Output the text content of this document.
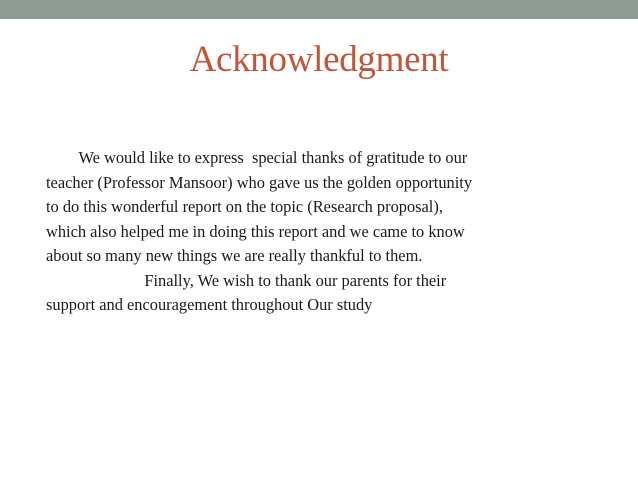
Acknowledgment
We would like to express  special thanks of gratitude to our
teacher (Professor Mansoor) who gave us the golden opportunity
to do this wonderful report on the topic (Research proposal),
which also helped me in doing this report and we came to know
about so many new things we are really thankful to them.
Finally, We wish to thank our parents for their
support and encouragement throughout Our study
